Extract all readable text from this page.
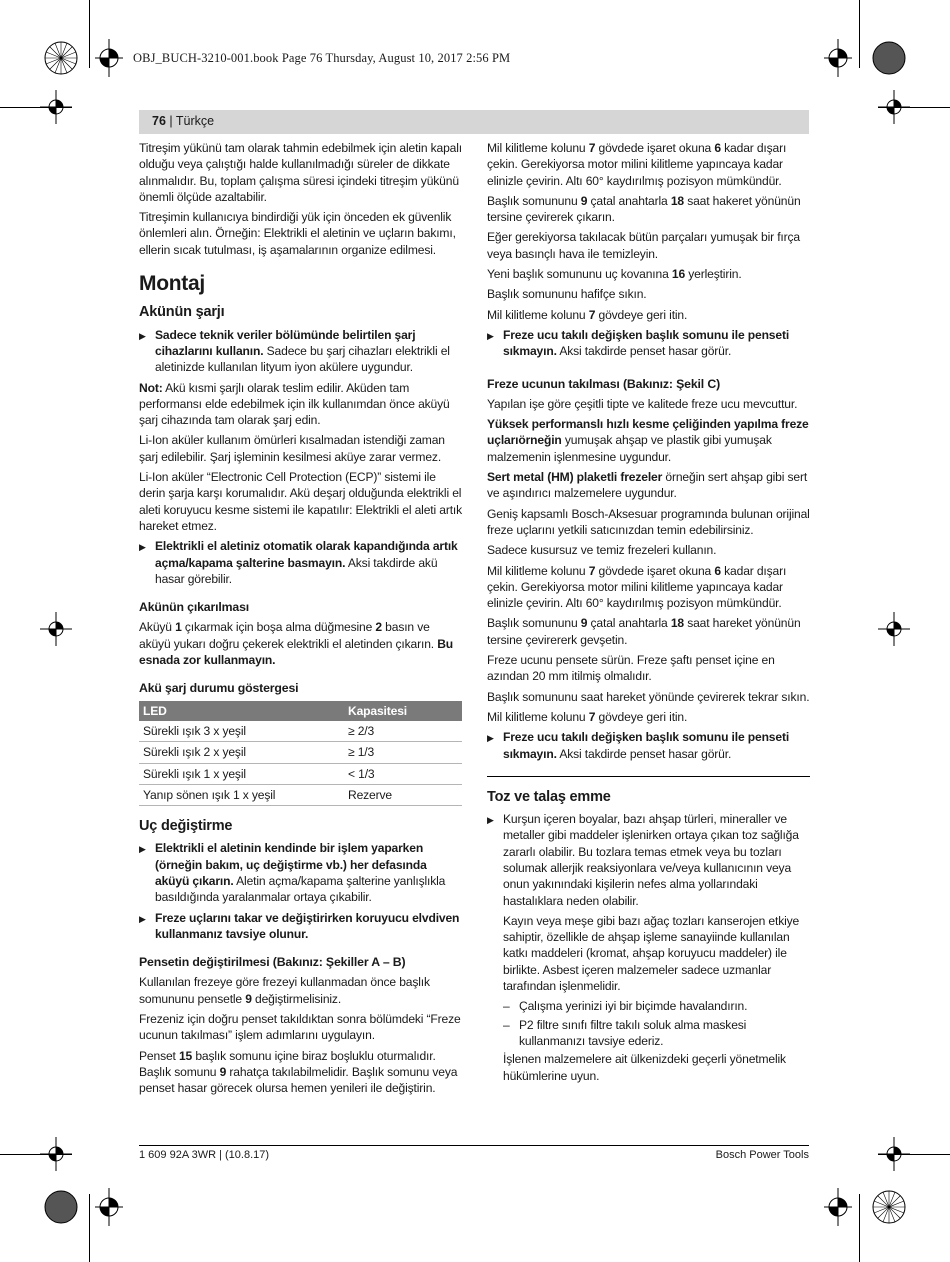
OBJ_BUCH-3210-001.book Page 76 Thursday, August 10, 2017 2:56 PM
76 | Türkçe

Titreşim yükünü tam olarak tahmin edebilmek için aletin kapalı olduğu veya çalıştığı halde kullanılmadığı süreler de dikkate alınmalıdır. Bu, toplam çalışma süresi içindeki titreşim yükünü önemli ölçüde azaltabilir.

Titreşimin kullanıcıya bindirdiği yük için önceden ek güvenlik önlemleri alın. Örneğin: Elektrikli el aletinin ve uçların bakımı, ellerin sıcak tutulması, iş aşamalarının organize edilmesi.

Montaj
Akünün şarjı
▶ Sadece teknik veriler bölümünde belirtilen şarj cihazlarını kullanın. Sadece bu şarj cihazları elektrikli el aletinizde kullanılan lityum iyon akülere uygundur.

Not: Akü kısmi şarjlı olarak teslim edilir. Aküden tam performansı elde edebilmek için ilk kullanımdan önce aküyü şarj cihazında tam olarak şarj edin.

Li-Ion aküler kullanım ömürleri kısalmadan istendiği zaman şarj edilebilir. Şarj işleminin kesilmesi aküye zarar vermez.

Li-Ion aküler “Electronic Cell Protection (ECP)” sistemi ile derin şarja karşı korumalıdır. Akü deşarj olduğunda elektrikli el aleti koruyucu kesme sistemi ile kapatılır: Elektrikli el aleti artık hareket etmez.

▶ Elektrikli el aletiniz otomatik olarak kapandığında artık açma/kapama şalterine basmayın. Aksi takdirde akü hasar görebilir.
Akünün çıkarılması

Aküyü 1 çıkarmak için boşa alma düğmesine 2 basın ve aküyü yukarı doğru çekerek elektrikli el aletinden çıkarın. Bu esnada zor kullanmayın.

Akü şarj durumu göstergesi
LED	Kapasitesi
Sürekli ışık 3 x yeşil	≥ 2/3
Sürekli ışık 2 x yeşil	≥ 1/3
Sürekli ışık 1 x yeşil	< 1/3
Yanıp sönen ışık 1 x yeşil	Rezerve
Uç değiştirme
▶ Elektrikli el aletinin kendinde bir işlem yaparken (örneğin bakım, uç değiştirme vb.) her defasında aküyü çıkarın. Aletin açma/kapama şalterine yanlışlıkla basıldığında yaralanmalar ortaya çıkabilir.
▶ Freze uçlarını takar ve değiştirirken koruyucu elvdiven kullanmanız tavsiye olunur.
Pensetin değiştirilmesi (Bakınız: Şekiller A – B)

Kullanılan frezeye göre frezeyi kullanmadan önce başlık somununu pensetle 9 değiştirmelisiniz.

Frezeniz için doğru penset takıldıktan sonra bölümdeki “Freze ucunun takılması” işlem adımlarını uygulayın.

Penset 15 başlık somunu içine biraz boşluklu oturmalıdır. Başlık somunu 9 rahatça takılabilmelidir. Başlık somunu veya penset hasar görecek olursa hemen yenileri ile değiştirin.

Mil kilitleme kolunu 7 gövdede işaret okuna 6 kadar dışarı çekin. Gerekiyorsa motor milini kilitleme yapıncaya kadar elinizle çevirin. Altı 60° kaydırılmış pozisyon mümkündür.

Başlık somununu 9 çatal anahtarla 18 saat hakeret yönünün tersine çevirerek çıkarın.

Eğer gerekiyorsa takılacak bütün parçaları yumuşak bir fırça veya basınçlı hava ile temizleyin.

Yeni başlık somununu uç kovanına 16 yerleştirin.

Başlık somununu hafifçe sıkın.

Mil kilitleme kolunu 7 gövdeye geri itin.

▶ Freze ucu takılı değişken başlık somunu ile penseti sıkmayın. Aksi takdirde penset hasar görür.
Freze ucunun takılması (Bakınız: Şekil C)

Yapılan işe göre çeşitli tipte ve kalitede freze ucu mevcuttur.

Yüksek performanslı hızlı kesme çeliğinden yapılma freze uçlarıörneğin yumuşak ahşap ve plastik gibi yumuşak malzemenin işlenmesine uygundur.

Sert metal (HM) plaketli frezeler örneğin sert ahşap gibi sert ve aşındırıcı malzemelere uygundur.

Geniş kapsamlı Bosch-Aksesuar programında bulunan orijinal freze uçlarını yetkili satıcınızdan temin edebilirsiniz.

Sadece kusursuz ve temiz frezeleri kullanın.

Mil kilitleme kolunu 7 gövdede işaret okuna 6 kadar dışarı çekin. Gerekiyorsa motor milini kilitleme yapıncaya kadar elinizle çevirin. Altı 60° kaydırılmış pozisyon mümkündür.

Başlık somununu 9 çatal anahtarla 18 saat hareket yönünün tersine çevirererk gevşetin.

Freze ucunu pensete sürün. Freze şaftı penset içine en azından 20 mm itilmiş olmalıdır.

Başlık somununu saat hareket yönünde çevirerek tekrar sıkın.

Mil kilitleme kolunu 7 gövdeye geri itin.

▶ Freze ucu takılı değişken başlık somunu ile penseti sıkmayın. Aksi takdirde penset hasar görür.
Toz ve talaş emme
▶ Kurşun içeren boyalar, bazı ahşap türleri, mineraller ve metaller gibi maddeler işlenirken ortaya çıkan toz sağlığa zararlı olabilir. Bu tozlara temas etmek veya bu tozları solumak allerjik reaksiyonlara ve/veya kullanıcının veya onun yakınındaki kişilerin nefes alma yollarındaki hastalıklara neden olabilir.

Kayın veya meşe gibi bazı ağaç tozları kanserojen etkiye sahiptir, özellikle de ahşap işleme sanayiinde kullanılan katkı maddeleri (kromat, ahşap koruyucu maddeler) ile birlikte. Asbest içeren malzemeler sadece uzmanlar tarafından işlenmelidir.

– Çalışma yerinizi iyi bir biçimde havalandırın.
– P2 filtre sınıfı filtre takılı soluk alma maskesi kullanmanızı tavsiye ederiz.

İşlenen malzemelere ait ülkenizdeki geçerli yönetmelik hükümlerine uyun.

1 609 92A 3WR | (10.8.17)	Bosch Power Tools
